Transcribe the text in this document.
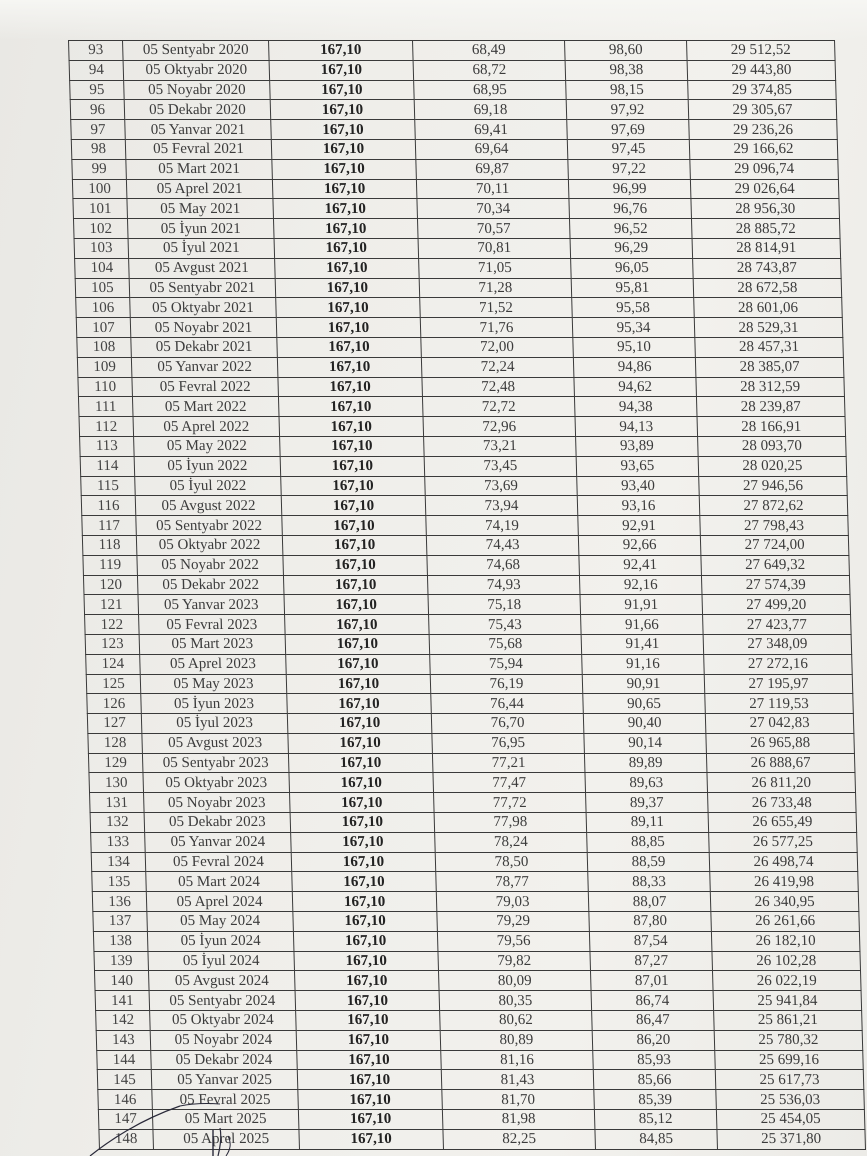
93	05 Sentyabr 2020	167,10	68,49	98,60	29 512,52
94	05 Oktyabr 2020	167,10	68,72	98,38	29 443,80
95	05 Noyabr 2020	167,10	68,95	98,15	29 374,85
96	05 Dekabr 2020	167,10	69,18	97,92	29 305,67
97	05 Yanvar 2021	167,10	69,41	97,69	29 236,26
98	05 Fevral 2021	167,10	69,64	97,45	29 166,62
99	05 Mart 2021	167,10	69,87	97,22	29 096,74
100	05 Aprel 2021	167,10	70,11	96,99	29 026,64
101	05 May 2021	167,10	70,34	96,76	28 956,30
102	05 İyun 2021	167,10	70,57	96,52	28 885,72
103	05 İyul 2021	167,10	70,81	96,29	28 814,91
104	05 Avgust 2021	167,10	71,05	96,05	28 743,87
105	05 Sentyabr 2021	167,10	71,28	95,81	28 672,58
106	05 Oktyabr 2021	167,10	71,52	95,58	28 601,06
107	05 Noyabr 2021	167,10	71,76	95,34	28 529,31
108	05 Dekabr 2021	167,10	72,00	95,10	28 457,31
109	05 Yanvar 2022	167,10	72,24	94,86	28 385,07
110	05 Fevral 2022	167,10	72,48	94,62	28 312,59
111	05 Mart 2022	167,10	72,72	94,38	28 239,87
112	05 Aprel 2022	167,10	72,96	94,13	28 166,91
113	05 May 2022	167,10	73,21	93,89	28 093,70
114	05 İyun 2022	167,10	73,45	93,65	28 020,25
115	05 İyul 2022	167,10	73,69	93,40	27 946,56
116	05 Avgust 2022	167,10	73,94	93,16	27 872,62
117	05 Sentyabr 2022	167,10	74,19	92,91	27 798,43
118	05 Oktyabr 2022	167,10	74,43	92,66	27 724,00
119	05 Noyabr 2022	167,10	74,68	92,41	27 649,32
120	05 Dekabr 2022	167,10	74,93	92,16	27 574,39
121	05 Yanvar 2023	167,10	75,18	91,91	27 499,20
122	05 Fevral 2023	167,10	75,43	91,66	27 423,77
123	05 Mart 2023	167,10	75,68	91,41	27 348,09
124	05 Aprel 2023	167,10	75,94	91,16	27 272,16
125	05 May 2023	167,10	76,19	90,91	27 195,97
126	05 İyun 2023	167,10	76,44	90,65	27 119,53
127	05 İyul 2023	167,10	76,70	90,40	27 042,83
128	05 Avgust 2023	167,10	76,95	90,14	26 965,88
129	05 Sentyabr 2023	167,10	77,21	89,89	26 888,67
130	05 Oktyabr 2023	167,10	77,47	89,63	26 811,20
131	05 Noyabr 2023	167,10	77,72	89,37	26 733,48
132	05 Dekabr 2023	167,10	77,98	89,11	26 655,49
133	05 Yanvar 2024	167,10	78,24	88,85	26 577,25
134	05 Fevral 2024	167,10	78,50	88,59	26 498,74
135	05 Mart 2024	167,10	78,77	88,33	26 419,98
136	05 Aprel 2024	167,10	79,03	88,07	26 340,95
137	05 May 2024	167,10	79,29	87,80	26 261,66
138	05 İyun 2024	167,10	79,56	87,54	26 182,10
139	05 İyul 2024	167,10	79,82	87,27	26 102,28
140	05 Avgust 2024	167,10	80,09	87,01	26 022,19
141	05 Sentyabr 2024	167,10	80,35	86,74	25 941,84
142	05 Oktyabr 2024	167,10	80,62	86,47	25 861,21
143	05 Noyabr 2024	167,10	80,89	86,20	25 780,32
144	05 Dekabr 2024	167,10	81,16	85,93	25 699,16
145	05 Yanvar 2025	167,10	81,43	85,66	25 617,73
146	05 Fevral 2025	167,10	81,70	85,39	25 536,03
147	05 Mart 2025	167,10	81,98	85,12	25 454,05
148	05 Aprel 2025	167,10	82,25	84,85	25 371,80
